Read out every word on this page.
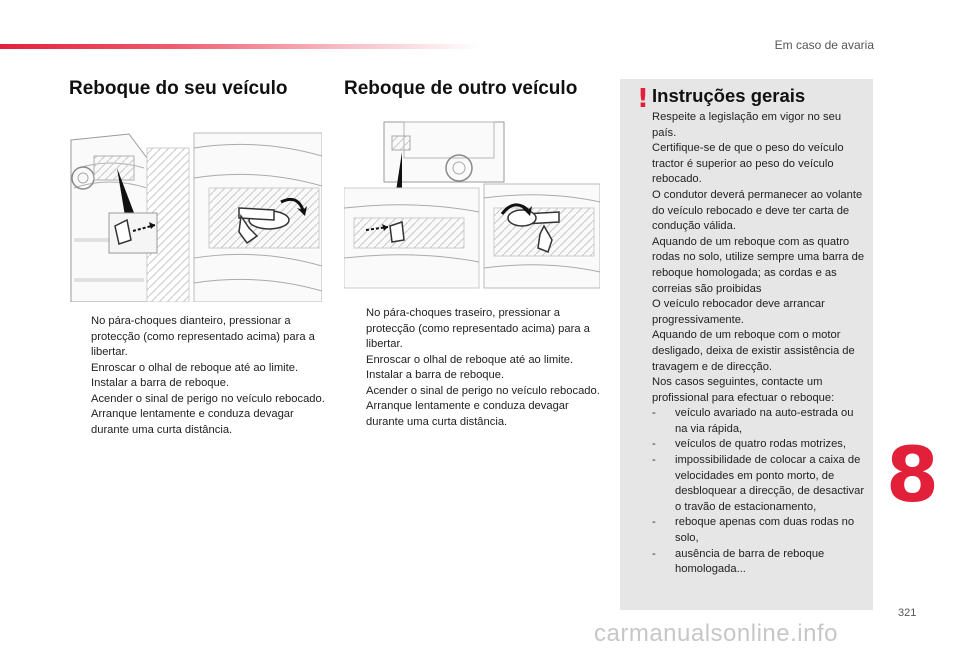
Em caso de avaria
Reboque do seu veículo
No pára-choques dianteiro, pressionar a protecção (como representado acima) para a libertar.
Enroscar o olhal de reboque até ao limite.
Instalar a barra de reboque.
Acender o sinal de perigo no veículo rebocado.
Arranque lentamente e conduza devagar durante uma curta distância.
Reboque de outro veículo
No pára-choques traseiro, pressionar a protecção (como representado acima) para a libertar.
Enroscar o olhal de reboque até ao limite.
Instalar a barra de reboque.
Acender o sinal de perigo no veículo rebocado.
Arranque lentamente e conduza devagar durante uma curta distância.
! Instruções gerais

Respeite a legislação em vigor no seu país.

Certifique-se de que o peso do veículo tractor é superior ao peso do veículo rebocado.

O condutor deverá permanecer ao volante do veículo rebocado e deve ter carta de condução válida.

Aquando de um reboque com as quatro rodas no solo, utilize sempre uma barra de reboque homologada; as cordas e as correias são proibidas

O veículo rebocador deve arrancar progressivamente.

Aquando de um reboque com o motor desligado, deixa de existir assistência de travagem e de direcção.

Nos casos seguintes, contacte um profissional para efectuar o reboque:

- veículo avariado na auto-estrada ou na via rápida,
- veículos de quatro rodas motrizes,
- impossibilidade de colocar a caixa de velocidades em ponto morto, de desbloquear a direcção, de desactivar o travão de estacionamento,
- reboque apenas com duas rodas no solo,
- ausência de barra de reboque homologada...
8
321
carmanualsonline.info
